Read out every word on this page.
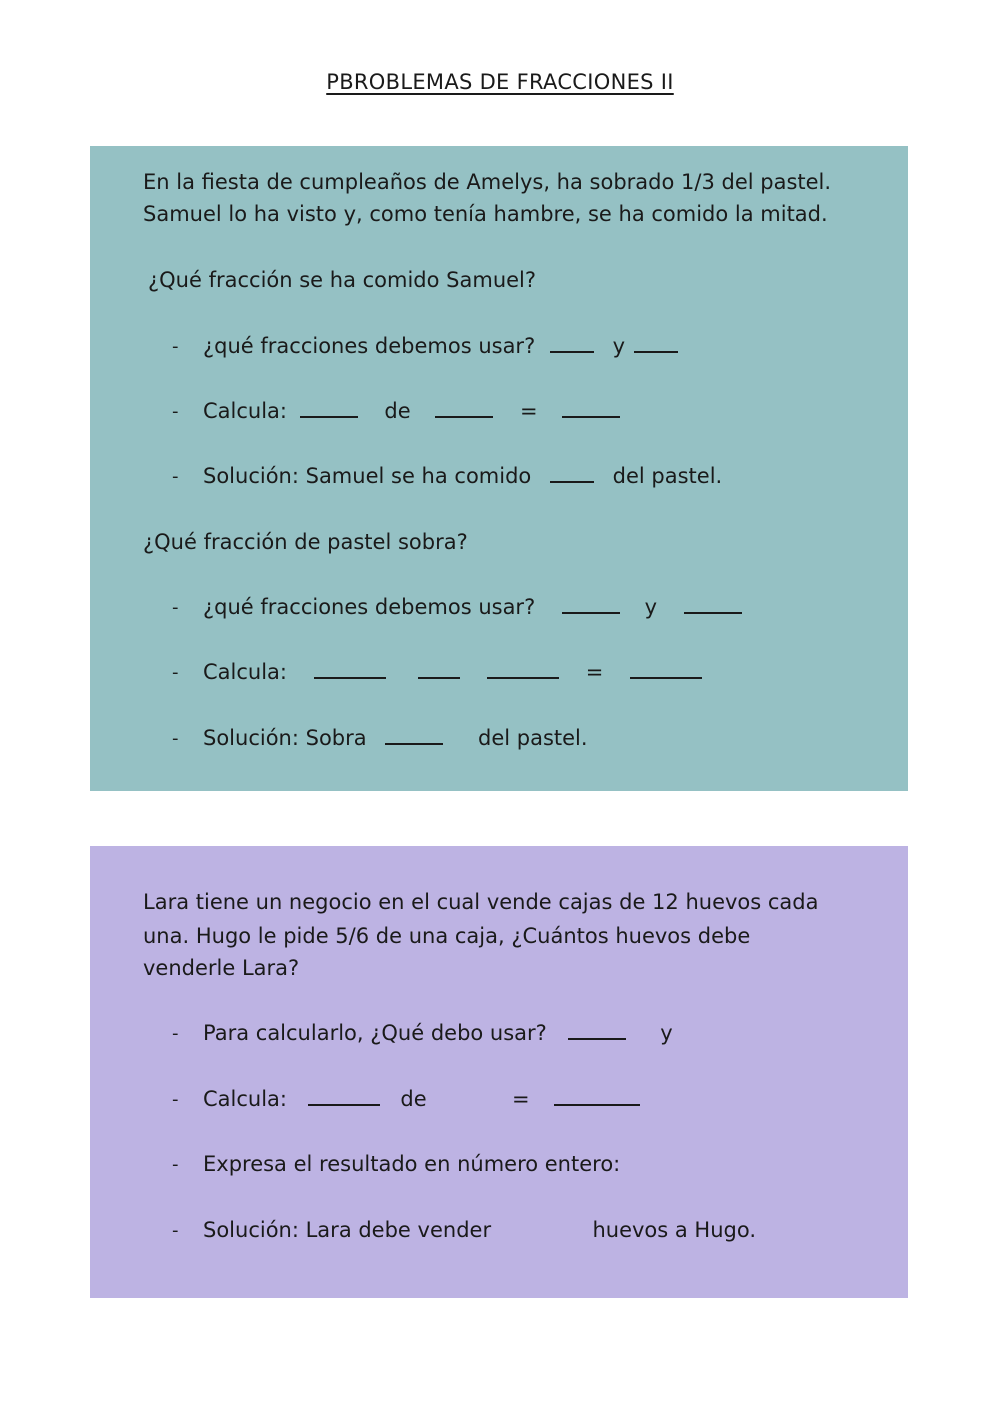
PBROBLEMAS DE FRACCIONES II
En la fiesta de cumpleaños de Amelys, ha sobrado 1/3 del pastel.
Samuel lo ha visto y, como tenía hambre, se ha comido la mitad.
¿Qué fracción se ha comido Samuel?
- ¿qué fracciones debemos usar?	y
- Calcula:	de	=
- Solución: Samuel se ha comido	del pastel.
¿Qué fracción de pastel sobra?
- ¿qué fracciones debemos usar?	y
- Calcula:	=
- Solución: Sobra	del pastel.
Lara tiene un negocio en el cual vende cajas de 12 huevos cada
una. Hugo le pide 5/6 de una caja, ¿Cuántos huevos debe
venderle Lara?
- Para calcularlo, ¿Qué debo usar?	y
- Calcula:	de	=
- Expresa el resultado en número entero:
- Solución: Lara debe vender	huevos a Hugo.
